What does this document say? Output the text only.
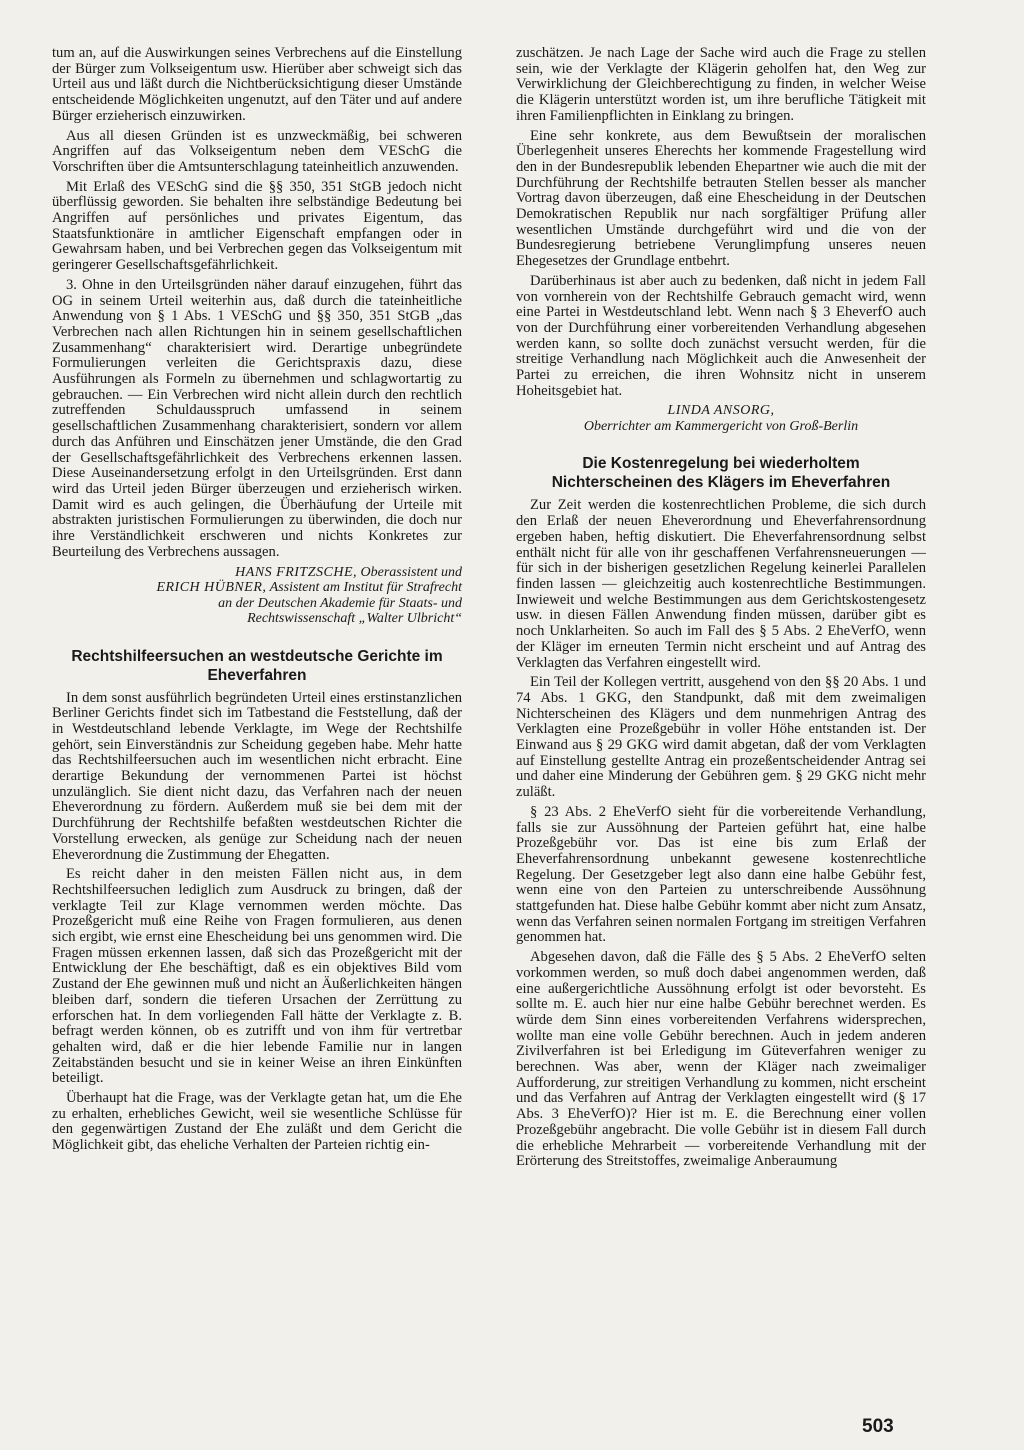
tum an, auf die Auswirkungen seines Verbrechens auf die Einstellung der Bürger zum Volkseigentum usw. Hierüber aber schweigt sich das Urteil aus und läßt durch die Nichtberücksichtigung dieser Umstände entscheidende Möglichkeiten ungenutzt, auf den Täter und auf andere Bürger erzieherisch einzuwirken.

Aus all diesen Gründen ist es unzweckmäßig, bei schweren Angriffen auf das Volkseigentum neben dem VESchG die Vorschriften über die Amtsunterschlagung tateinheitlich anzuwenden.

Mit Erlaß des VESchG sind die §§ 350, 351 StGB jedoch nicht überflüssig geworden. Sie behalten ihre selbständige Bedeutung bei Angriffen auf persönliches und privates Eigentum, das Staatsfunktionäre in amtlicher Eigenschaft empfangen oder in Gewahrsam haben, und bei Verbrechen gegen das Volkseigentum mit geringerer Gesellschaftsgefährlichkeit.

3. Ohne in den Urteilsgründen näher darauf einzugehen, führt das OG in seinem Urteil weiterhin aus, daß durch die tateinheitliche Anwendung von § 1 Abs. 1 VESchG und §§ 350, 351 StGB „das Verbrechen nach allen Richtungen hin in seinem gesellschaftlichen Zusammenhang“ charakterisiert wird. Derartige unbegründete Formulierungen verleiten die Gerichtspraxis dazu, diese Ausführungen als Formeln zu übernehmen und schlagwortartig zu gebrauchen. — Ein Verbrechen wird nicht allein durch den rechtlich zutreffenden Schuldausspruch umfassend in seinem gesellschaftlichen Zusammenhang charakterisiert, sondern vor allem durch das Anführen und Einschätzen jener Umstände, die den Grad der Gesellschaftsgefährlichkeit des Verbrechens erkennen lassen. Diese Auseinandersetzung erfolgt in den Urteilsgründen. Erst dann wird das Urteil jeden Bürger überzeugen und erzieherisch wirken. Damit wird es auch gelingen, die Überhäufung der Urteile mit abstrakten juristischen Formulierungen zu überwinden, die doch nur ihre Verständlichkeit erschweren und nichts Konkretes zur Beurteilung des Verbrechens aussagen.

HANS FRITZSCHE, Oberassistent und
ERICH HÜBNER, Assistent am Institut für Strafrecht
an der Deutschen Akademie für Staats- und
Rechtswissenschaft „Walter Ulbricht“
Rechtshilfeersuchen an westdeutsche Gerichte im Eheverfahren

In dem sonst ausführlich begründeten Urteil eines erstinstanzlichen Berliner Gerichts findet sich im Tatbestand die Feststellung, daß der in Westdeutschland lebende Verklagte, im Wege der Rechtshilfe gehört, sein Einverständnis zur Scheidung gegeben habe. Mehr hatte das Rechtshilfeersuchen auch im wesentlichen nicht erbracht. Eine derartige Bekundung der vernommenen Partei ist höchst unzulänglich. Sie dient nicht dazu, das Verfahren nach der neuen Eheverordnung zu fördern. Außerdem muß sie bei dem mit der Durchführung der Rechtshilfe befaßten westdeutschen Richter die Vorstellung erwecken, als genüge zur Scheidung nach der neuen Eheverordnung die Zustimmung der Ehegatten.

Es reicht daher in den meisten Fällen nicht aus, in dem Rechtshilfeersuchen lediglich zum Ausdruck zu bringen, daß der verklagte Teil zur Klage vernommen werden möchte. Das Prozeßgericht muß eine Reihe von Fragen formulieren, aus denen sich ergibt, wie ernst eine Ehescheidung bei uns genommen wird. Die Fragen müssen erkennen lassen, daß sich das Prozeßgericht mit der Entwicklung der Ehe beschäftigt, daß es ein objektives Bild vom Zustand der Ehe gewinnen muß und nicht an Äußerlichkeiten hängen bleiben darf, sondern die tieferen Ursachen der Zerrüttung zu erforschen hat. In dem vorliegenden Fall hätte der Verklagte z. B. befragt werden können, ob es zutrifft und von ihm für vertretbar gehalten wird, daß er die hier lebende Familie nur in langen Zeitabständen besucht und sie in keiner Weise an ihren Einkünften beteiligt.

Überhaupt hat die Frage, was der Verklagte getan hat, um die Ehe zu erhalten, erhebliches Gewicht, weil sie wesentliche Schlüsse für den gegenwärtigen Zustand der Ehe zuläßt und dem Gericht die Möglichkeit gibt, das eheliche Verhalten der Parteien richtig ein-

zuschätzen. Je nach Lage der Sache wird auch die Frage zu stellen sein, wie der Verklagte der Klägerin geholfen hat, den Weg zur Verwirklichung der Gleichberechtigung zu finden, in welcher Weise die Klägerin unterstützt worden ist, um ihre berufliche Tätigkeit mit ihren Familienpflichten in Einklang zu bringen.

Eine sehr konkrete, aus dem Bewußtsein der moralischen Überlegenheit unseres Eherechts her kommende Fragestellung wird den in der Bundesrepublik lebenden Ehepartner wie auch die mit der Durchführung der Rechtshilfe betrauten Stellen besser als mancher Vortrag davon überzeugen, daß eine Ehescheidung in der Deutschen Demokratischen Republik nur nach sorgfältiger Prüfung aller wesentlichen Umstände durchgeführt wird und die von der Bundesregierung betriebene Verunglimpfung unseres neuen Ehegesetzes der Grundlage entbehrt.

Darüberhinaus ist aber auch zu bedenken, daß nicht in jedem Fall von vornherein von der Rechtshilfe Gebrauch gemacht wird, wenn eine Partei in Westdeutschland lebt. Wenn nach § 3 EheverfO auch von der Durchführung einer vorbereitenden Verhandlung abgesehen werden kann, so sollte doch zunächst versucht werden, für die streitige Verhandlung nach Möglichkeit auch die Anwesenheit der Partei zu erreichen, die ihren Wohnsitz nicht in unserem Hoheitsgebiet hat.

LINDA ANSORG,
Oberrichter am Kammergericht von Groß-Berlin
Die Kostenregelung bei wiederholtem Nichterscheinen des Klägers im Eheverfahren

Zur Zeit werden die kostenrechtlichen Probleme, die sich durch den Erlaß der neuen Eheverordnung und Eheverfahrensordnung ergeben haben, heftig diskutiert. Die Eheverfahrensordnung selbst enthält nicht für alle von ihr geschaffenen Verfahrensneuerungen — für sich in der bisherigen gesetzlichen Regelung keinerlei Parallelen finden lassen — gleichzeitig auch kostenrechtliche Bestimmungen. Inwieweit und welche Bestimmungen aus dem Gerichtskostengesetz usw. in diesen Fällen Anwendung finden müssen, darüber gibt es noch Unklarheiten. So auch im Fall des § 5 Abs. 2 EheVerfO, wenn der Kläger im erneuten Termin nicht erscheint und auf Antrag des Verklagten das Verfahren eingestellt wird.

Ein Teil der Kollegen vertritt, ausgehend von den §§ 20 Abs. 1 und 74 Abs. 1 GKG, den Standpunkt, daß mit dem zweimaligen Nichterscheinen des Klägers und dem nunmehrigen Antrag des Verklagten eine Prozeßgebühr in voller Höhe entstanden ist. Der Einwand aus § 29 GKG wird damit abgetan, daß der vom Verklagten auf Einstellung gestellte Antrag ein prozeßentscheidender Antrag sei und daher eine Minderung der Gebühren gem. § 29 GKG nicht mehr zuläßt.

§ 23 Abs. 2 EheVerfO sieht für die vorbereitende Verhandlung, falls sie zur Aussöhnung der Parteien geführt hat, eine halbe Prozeßgebühr vor. Das ist eine bis zum Erlaß der Eheverfahrensordnung unbekannt gewesene kostenrechtliche Regelung. Der Gesetzgeber legt also dann eine halbe Gebühr fest, wenn eine von den Parteien zu unterschreibende Aussöhnung stattgefunden hat. Diese halbe Gebühr kommt aber nicht zum Ansatz, wenn das Verfahren seinen normalen Fortgang im streitigen Verfahren genommen hat.

Abgesehen davon, daß die Fälle des § 5 Abs. 2 EheVerfO selten vorkommen werden, so muß doch dabei angenommen werden, daß eine außergerichtliche Aussöhnung erfolgt ist oder bevorsteht. Es sollte m. E. auch hier nur eine halbe Gebühr berechnet werden. Es würde dem Sinn eines vorbereitenden Verfahrens widersprechen, wollte man eine volle Gebühr berechnen. Auch in jedem anderen Zivilverfahren ist bei Erledigung im Güteverfahren weniger zu berechnen. Was aber, wenn der Kläger nach zweimaliger Aufforderung, zur streitigen Verhandlung zu kommen, nicht erscheint und das Verfahren auf Antrag der Verklagten eingestellt wird (§ 17 Abs. 3 EheVerfO)? Hier ist m. E. die Berechnung einer vollen Prozeßgebühr angebracht. Die volle Gebühr ist in diesem Fall durch die erhebliche Mehrarbeit — vorbereitende Verhandlung mit der Erörterung des Streitstoffes, zweimalige Anberaumung

503
